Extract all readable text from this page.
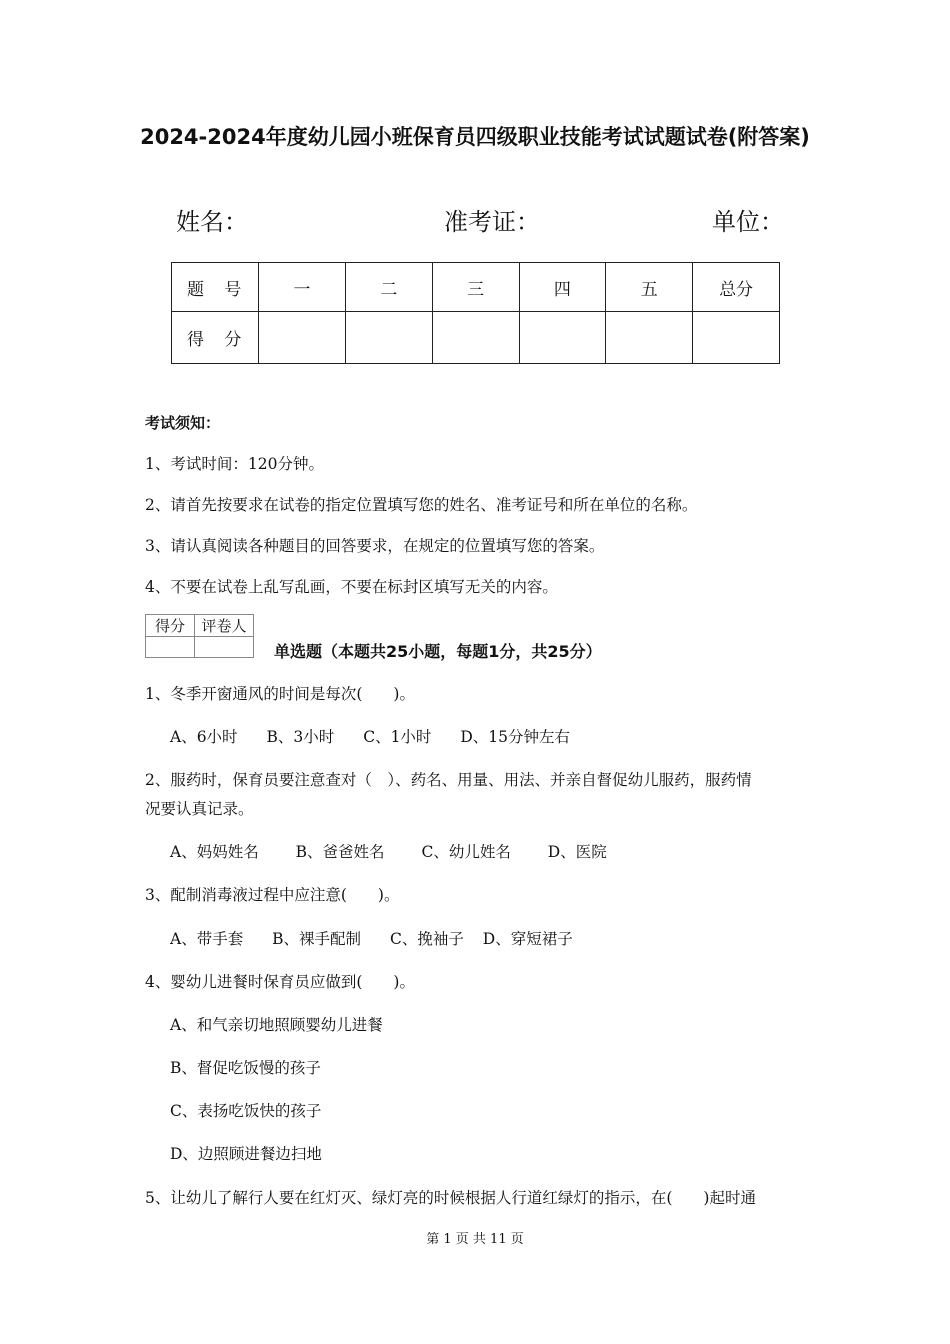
2024-2024年度幼儿园小班保育员四级职业技能考试试题试卷(附答案)
姓名：	准考证：	单位：
题　号	一	二	三	四	五	总分
得　分						
考试须知：
1、考试时间：120分钟。
2、请首先按要求在试卷的指定位置填写您的姓名、准考证号和所在单位的名称。
3、请认真阅读各种题目的回答要求，在规定的位置填写您的答案。
4、不要在试卷上乱写乱画，不要在标封区填写无关的内容。
得分	评卷人

单选题（本题共25小题，每题1分，共25分）
1、冬季开窗通风的时间是每次(　　)。
A、6小时 B、3小时 C、1小时 D、15分钟左右
2、服药时，保育员要注意查对（　）、药名、用量、用法、并亲自督促幼儿服药，服药情
况要认真记录。
A、妈妈姓名 B、爸爸姓名 C、幼儿姓名 D、医院
3、配制消毒液过程中应注意(　　)。
A、带手套 B、裸手配制 C、挽袖子 D、穿短裙子
4、婴幼儿进餐时保育员应做到(　　)。
A、和气亲切地照顾婴幼儿进餐
B、督促吃饭慢的孩子
C、表扬吃饭快的孩子
D、边照顾进餐边扫地
5、让幼儿了解行人要在红灯灭、绿灯亮的时候根据人行道红绿灯的指示，在(　　)起时通
第 1 页 共 11 页
